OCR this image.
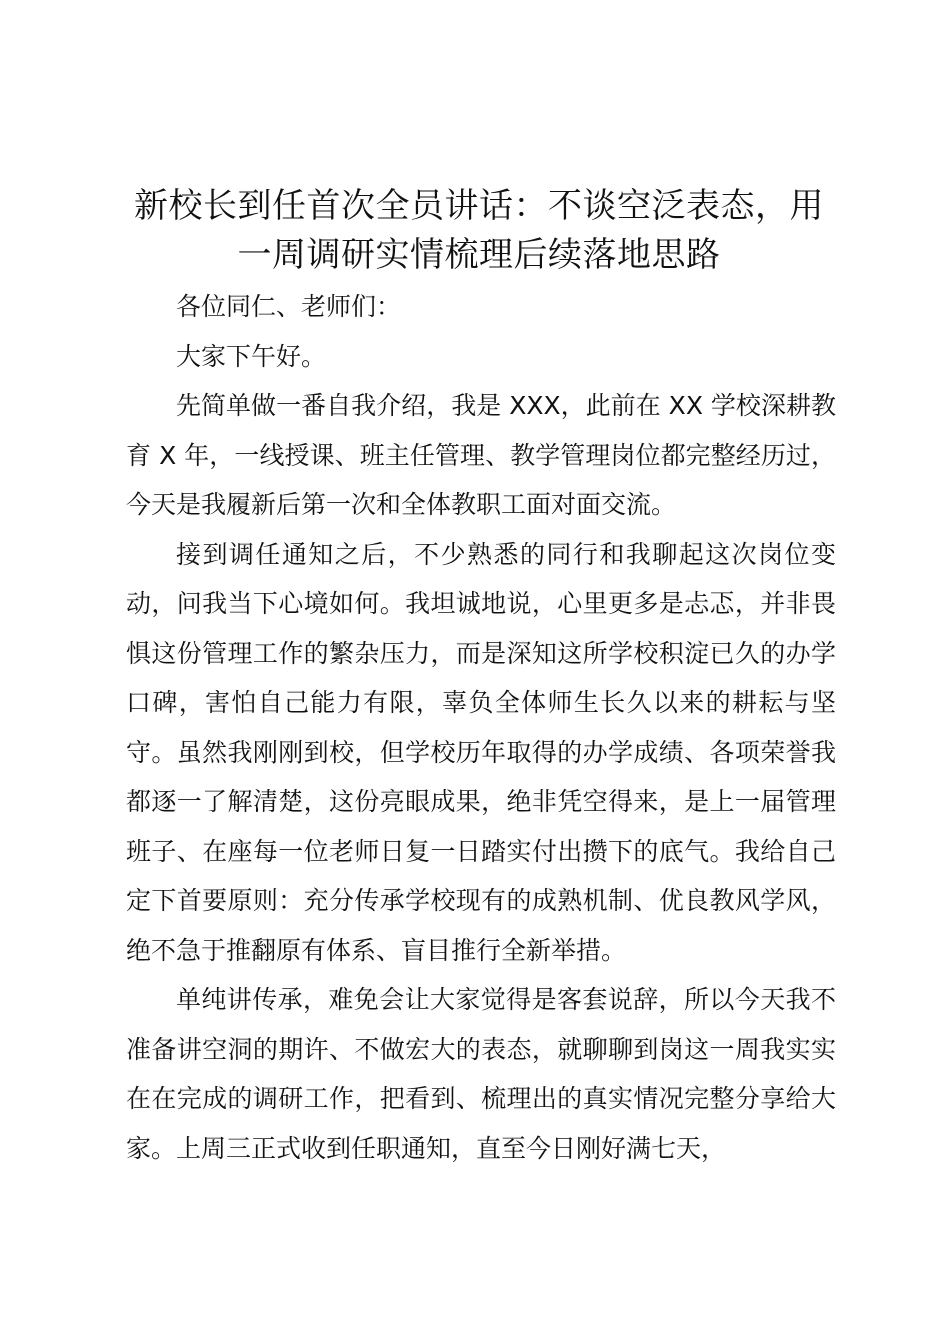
新校长到任首次全员讲话：不谈空泛表态，用
一周调研实情梳理后续落地思路

各位同仁、老师们：

大家下午好。

先简单做一番自我介绍，我是 XXX，此前在 XX 学校深耕教育 X 年，一线授课、班主任管理、教学管理岗位都完整经历过，今天是我履新后第一次和全体教职工面对面交流。

接到调任通知之后，不少熟悉的同行和我聊起这次岗位变动，问我当下心境如何。我坦诚地说，心里更多是忐忑，并非畏惧这份管理工作的繁杂压力，而是深知这所学校积淀已久的办学口碑，害怕自己能力有限，辜负全体师生长久以来的耕耘与坚守。虽然我刚刚到校，但学校历年取得的办学成绩、各项荣誉我都逐一了解清楚，这份亮眼成果，绝非凭空得来，是上一届管理班子、在座每一位老师日复一日踏实付出攒下的底气。我给自己定下首要原则：充分传承学校现有的成熟机制、优良教风学风，绝不急于推翻原有体系、盲目推行全新举措。

单纯讲传承，难免会让大家觉得是客套说辞，所以今天我不准备讲空洞的期许、不做宏大的表态，就聊聊到岗这一周我实实在在完成的调研工作，把看到、梳理出的真实情况完整分享给大家。上周三正式收到任职通知，直至今日刚好满七天，
